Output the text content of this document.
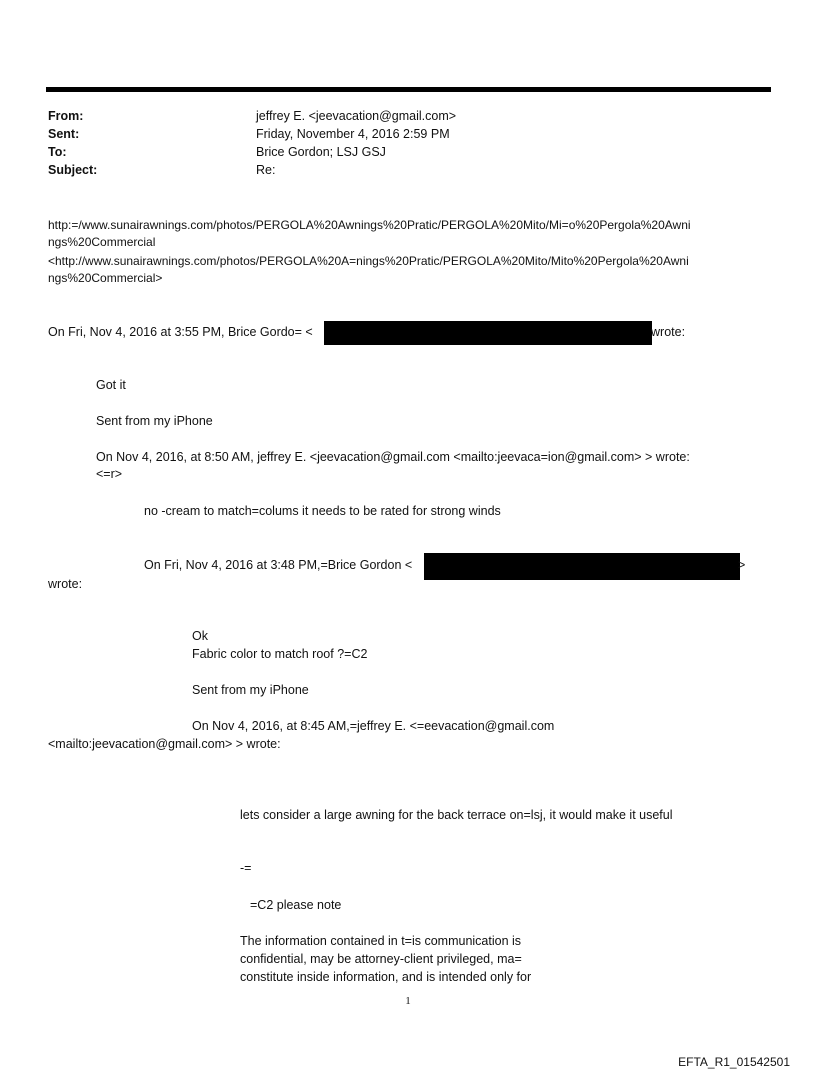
From:	jeffrey E. <jeevacation@gmail.com>
Sent:	Friday, November 4, 2016 2:59 PM
To:	Brice Gordon; LSJ GSJ
Subject:	Re:
http:=/www.sunairawnings.com/photos/PERGOLA%20Awnings%20Pratic/PERGOLA%20Mito/Mi=o%20Pergola%20Awni
ngs%20Commercial
<http://www.sunairawnings.com/photos/PERGOLA%20A=nings%20Pratic/PERGOLA%20Mito/Mito%20Pergola%20Awni
ngs%20Commercial>
On Fri, Nov 4, 2016 at 3:55 PM, Brice Gordo= <	wrote:
Got it
Sent from my iPhone
On Nov 4, 2016, at 8:50 AM, jeffrey E. <jeevacation@gmail.com <mailto:jeevaca=ion@gmail.com> > wrote:
<=r>
no -cream to match=colums it needs to be rated for strong winds
On Fri, Nov 4, 2016 at 3:48 PM,=Brice Gordon <	>
wrote:
Ok
Fabric color to match roof ?=C2
Sent from my iPhone
On Nov 4, 2016, at 8:45 AM,=jeffrey E. <=eevacation@gmail.com
<mailto:jeevacation@gmail.com> > wrote:
lets consider a large awning for the back terrace on=lsj, it would make it useful
-=
=C2 please note
The information contained in t=is communication is
confidential, may be attorney-client privileged, ma=
constitute inside information, and is intended only for
1
EFTA_R1_01542501
